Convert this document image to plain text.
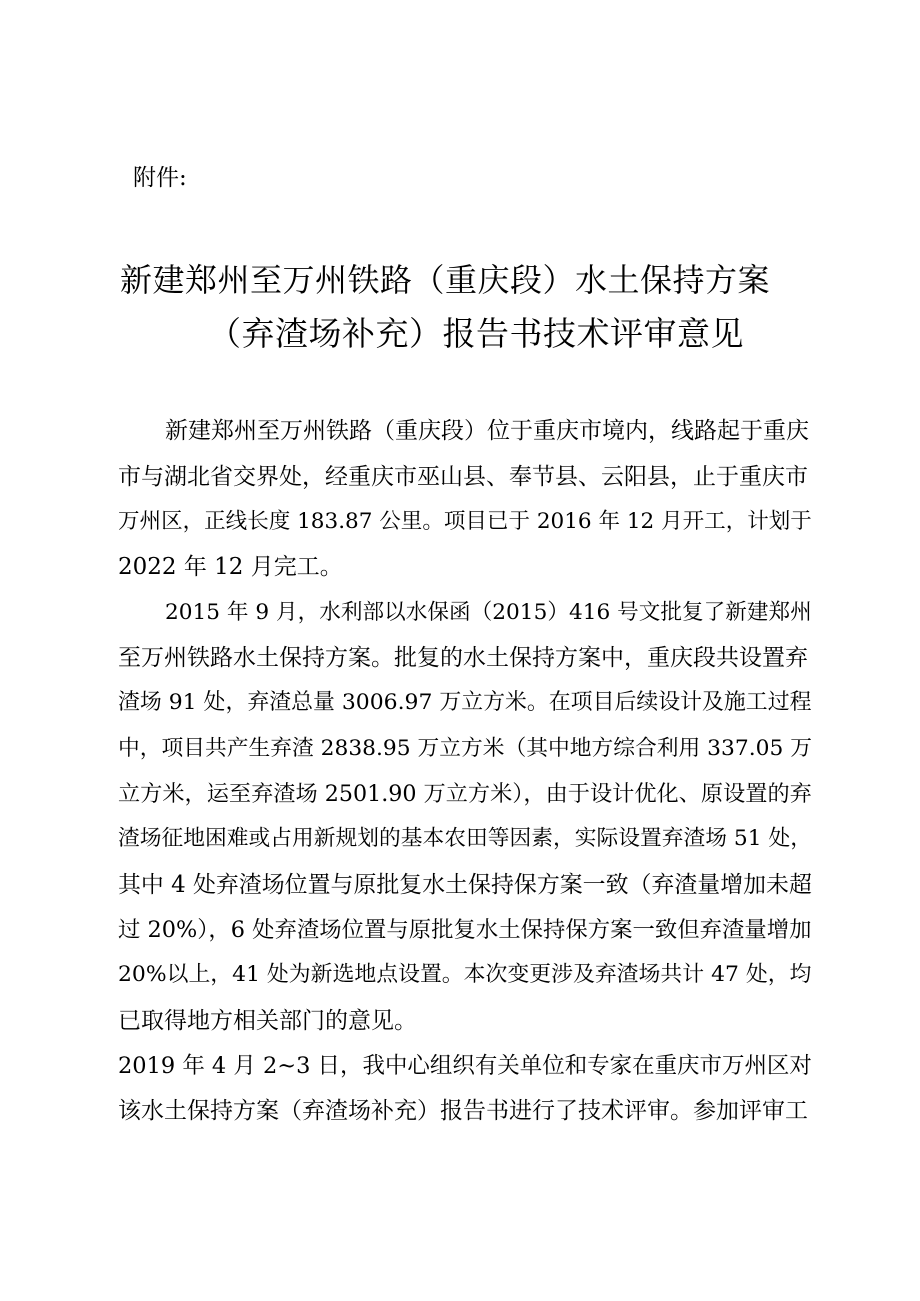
附件:
新建郑州至万州铁路（重庆段）水土保持方案
（弃渣场补充）报告书技术评审意见
新建郑州至万州铁路（重庆段）位于重庆市境内，线路起于重庆
市与湖北省交界处，经重庆市巫山县、奉节县、云阳县，止于重庆市
万州区，正线长度 183.87 公里。项目已于 2016 年 12 月开工，计划于
2022 年 12 月完工。
2015 年 9 月，水利部以水保函（2015）416 号文批复了新建郑州
至万州铁路水土保持方案。批复的水土保持方案中，重庆段共设置弃
渣场 91 处，弃渣总量 3006.97 万立方米。在项目后续设计及施工过程
中，项目共产生弃渣 2838.95 万立方米（其中地方综合利用 337.05 万
立方米，运至弃渣场 2501.90 万立方米），由于设计优化、原设置的弃
渣场征地困难或占用新规划的基本农田等因素，实际设置弃渣场 51 处，
其中 4 处弃渣场位置与原批复水土保持保方案一致（弃渣量增加未超
过 20%），6 处弃渣场位置与原批复水土保持保方案一致但弃渣量增加
20%以上，41 处为新选地点设置。本次变更涉及弃渣场共计 47 处，均
已取得地方相关部门的意见。
2019 年 4 月 2~3 日，我中心组织有关单位和专家在重庆市万州区对
该水土保持方案（弃渣场补充）报告书进行了技术评审。参加评审工
